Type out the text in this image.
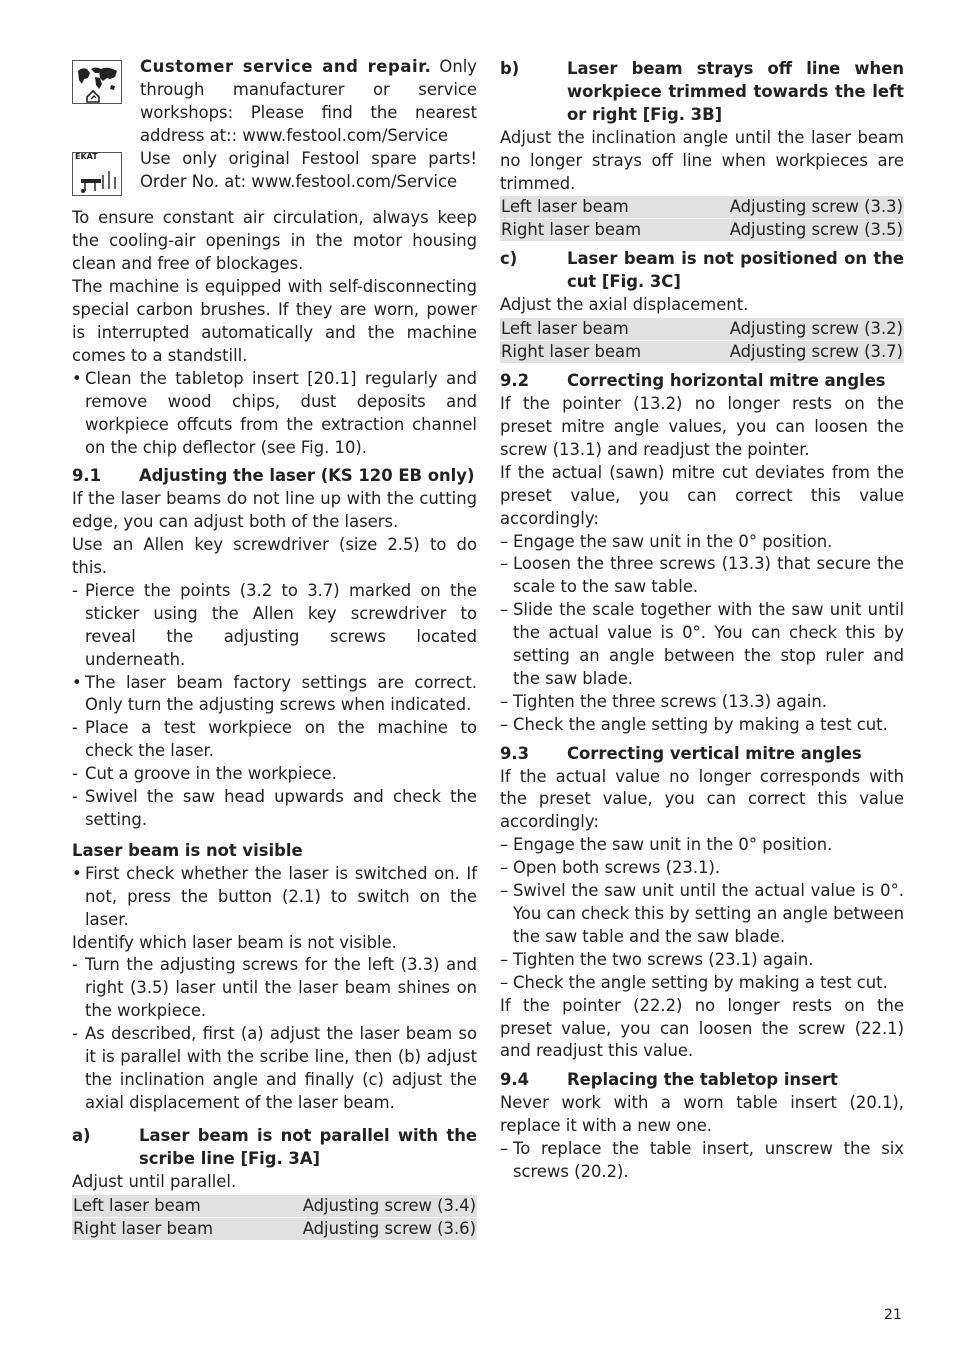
Customer service and repair. Only through manufacturer or service workshops: Please find the nearest address at:: www.festool.com/Service

EKAT	Use only original Festool spare parts! Order No. at: www.festool.com/Service

To ensure constant air circulation, always keep the cooling-air openings in the motor housing clean and free of blockages.

The machine is equipped with self-disconnecting special carbon brushes. If they are worn, power is interrupted automatically and the machine comes to a standstill.

• Clean the tabletop insert [20.1] regularly and remove wood chips, dust deposits and workpiece offcuts from the extraction channel on the chip deflector (see Fig. 10).
9.1	Adjusting the laser (KS 120 EB only)

If the laser beams do not line up with the cutting edge, you can adjust both of the lasers.

Use an Allen key screwdriver (size 2.5) to do this.

- Pierce the points (3.2 to 3.7) marked on the sticker using the Allen key screwdriver to reveal the adjusting screws located underneath.
• The laser beam factory settings are correct. Only turn the adjusting screws when indicated.
- Place a test workpiece on the machine to check the laser.
- Cut a groove in the workpiece.
- Swivel the saw head upwards and check the setting.

Laser beam is not visible

• First check whether the laser is switched on. If not, press the button (2.1) to switch on the laser.

Identify which laser beam is not visible.

- Turn the adjusting screws for the left (3.3) and right (3.5) laser until the laser beam shines on the workpiece.
- As described, first (a) adjust the laser beam so it is parallel with the scribe line, then (b) adjust the inclination angle and finally (c) adjust the axial displacement of the laser beam.
a)	Laser beam is not parallel with the scribe line [Fig. 3A]

Adjust until parallel.

Left laser beam	Adjusting screw (3.4)
Right laser beam	Adjusting screw (3.6)
b)	Laser beam strays off line when workpiece trimmed towards the left or right [Fig. 3B]

Adjust the inclination angle until the laser beam no longer strays off line when workpieces are trimmed.

Left laser beam	Adjusting screw (3.3)
Right laser beam	Adjusting screw (3.5)
c)	Laser beam is not positioned on the cut [Fig. 3C]

Adjust the axial displacement.

Left laser beam	Adjusting screw (3.2)
Right laser beam	Adjusting screw (3.7)
9.2	Correcting horizontal mitre angles

If the pointer (13.2) no longer rests on the preset mitre angle values, you can loosen the screw (13.1) and readjust the pointer.

If the actual (sawn) mitre cut deviates from the preset value, you can correct this value accordingly:

– Engage the saw unit in the 0° position.
– Loosen the three screws (13.3) that secure the scale to the saw table.
– Slide the scale together with the saw unit until the actual value is 0°. You can check this by setting an angle between the stop ruler and the saw blade.
– Tighten the three screws (13.3) again.
– Check the angle setting by making a test cut.
9.3	Correcting vertical mitre angles

If the actual value no longer corresponds with the preset value, you can correct this value accordingly:

– Engage the saw unit in the 0° position.
– Open both screws (23.1).
– Swivel the saw unit until the actual value is 0°. You can check this by setting an angle between the saw table and the saw blade.
– Tighten the two screws (23.1) again.
– Check the angle setting by making a test cut.

If the pointer (22.2) no longer rests on the preset value, you can loosen the screw (22.1) and readjust this value.

9.4	Replacing the tabletop insert

Never work with a worn table insert (20.1), replace it with a new one.

– To replace the table insert, unscrew the six screws (20.2).
21
